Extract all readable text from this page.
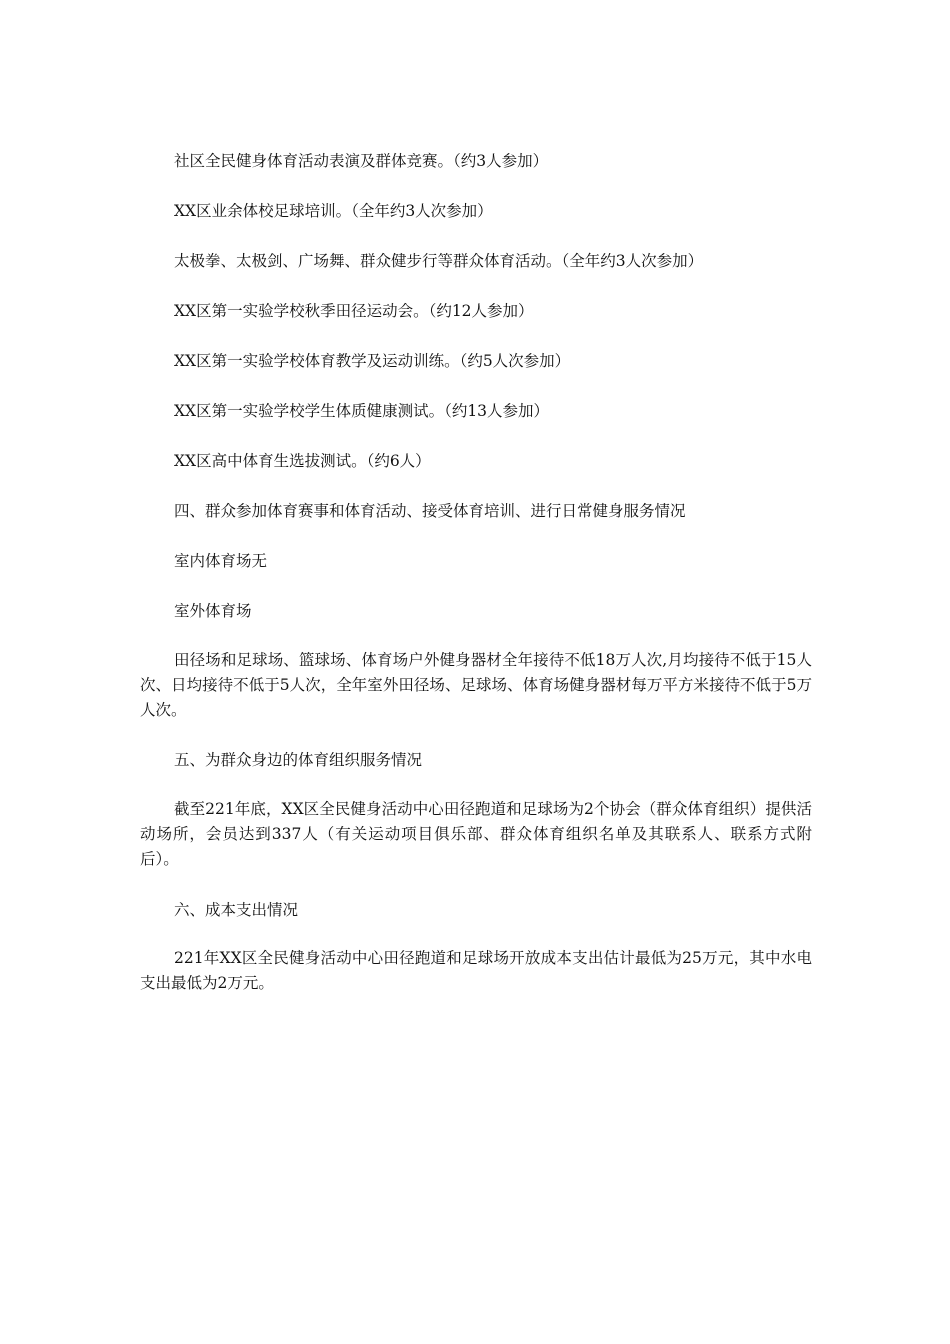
社区全民健身体育活动表演及群体竞赛。（约3人参加）
XX区业余体校足球培训。（全年约3人次参加）
太极拳、太极剑、广场舞、群众健步行等群众体育活动。（全年约3人次参加）
XX区第一实验学校秋季田径运动会。（约12人参加）
XX区第一实验学校体育教学及运动训练。（约5人次参加）
XX区第一实验学校学生体质健康测试。（约13人参加）
XX区高中体育生选拔测试。（约6人）
四、群众参加体育赛事和体育活动、接受体育培训、进行日常健身服务情况
室内体育场无
室外体育场

田径场和足球场、篮球场、体育场户外健身器材全年接待不低18万人次,月均接待不低于15人次、日均接待不低于5人次，全年室外田径场、足球场、体育场健身器材每万平方米接待不低于5万人次。

五、为群众身边的体育组织服务情况

截至221年底，XX区全民健身活动中心田径跑道和足球场为2个协会（群众体育组织）提供活动场所，会员达到337人（有关运动项目俱乐部、群众体育组织名单及其联系人、联系方式附后）。

六、成本支出情况

221年XX区全民健身活动中心田径跑道和足球场开放成本支出估计最低为25万元，其中水电支出最低为2万元。
